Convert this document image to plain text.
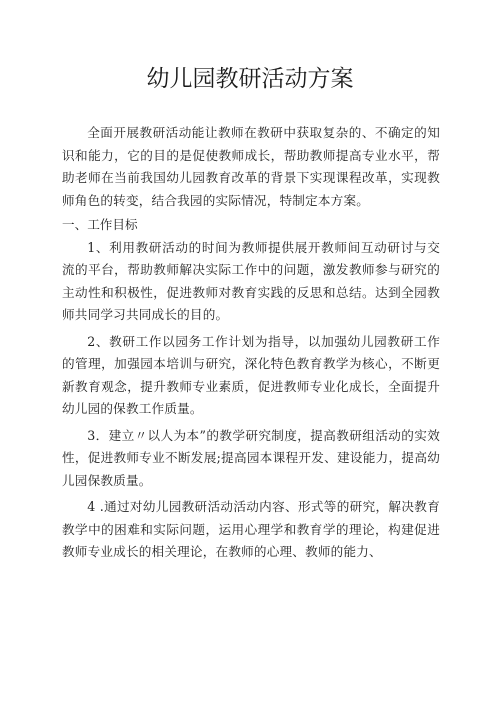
幼儿园教研活动方案

全面开展教研活动能让教师在教研中获取复杂的、不确定的知识和能力，它的目的是促使教师成长，帮助教师提高专业水平，帮助老师在当前我国幼儿园教育改革的背景下实现课程改革，实现教师角色的转变，结合我园的实际情况，特制定本方案。

一、工作目标

1、利用教研活动的时间为教师提供展开教师间互动研讨与交流的平台，帮助教师解决实际工作中的问题，激发教师参与研究的主动性和积极性，促进教师对教育实践的反思和总结。达到全园教师共同学习共同成长的目的。

2、教研工作以园务工作计划为指导，以加强幼儿园教研工作的管理，加强园本培训与研究，深化特色教育教学为核心，不断更新教育观念，提升教师专业素质，促进教师专业化成长，全面提升幼儿园的保教工作质量。

3．建立〃以人为本”的教学研究制度，提高教研组活动的实效性，促进教师专业不断发展;提高园本课程开发、建设能力，提高幼儿园保教质量。

4 .通过对幼儿园教研活动活动内容、形式等的研究，解决教育教学中的困难和实际问题，运用心理学和教育学的理论，构建促进教师专业成长的相关理论，在教师的心理、教师的能力、
